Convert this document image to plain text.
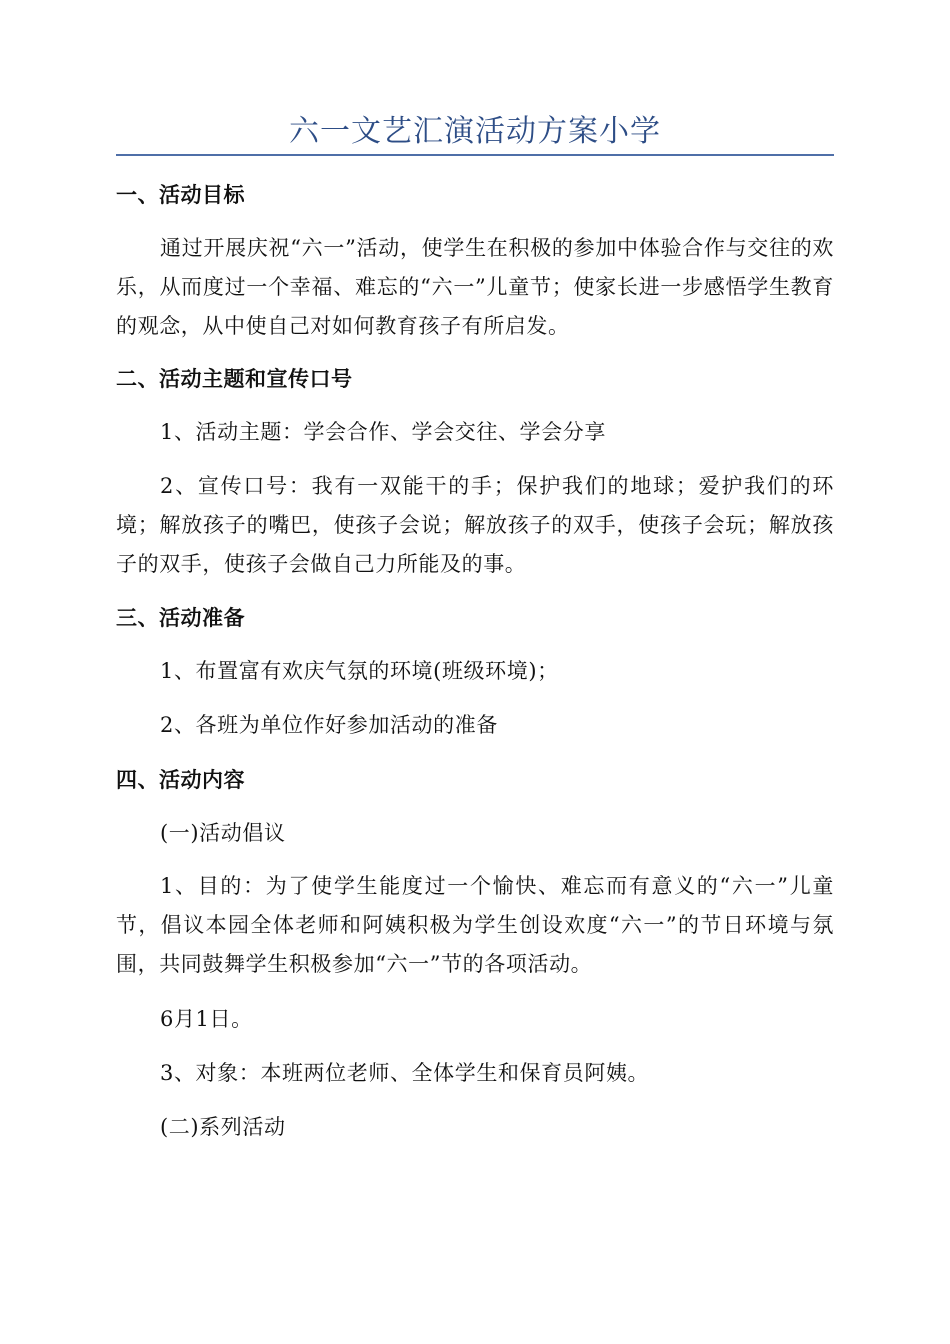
六一文艺汇演活动方案小学
一、活动目标
通过开展庆祝“六一”活动，使学生在积极的参加中体验合作与交往的欢乐，从而度过一个幸福、难忘的“六一”儿童节；使家长进一步感悟学生教育的观念，从中使自己对如何教育孩子有所启发。
二、活动主题和宣传口号
1、活动主题：学会合作、学会交往、学会分享
2、宣传口号：我有一双能干的手；保护我们的地球；爱护我们的环境；解放孩子的嘴巴，使孩子会说；解放孩子的双手，使孩子会玩；解放孩子的双手，使孩子会做自己力所能及的事。
三、活动准备
1、布置富有欢庆气氛的环境(班级环境)；
2、各班为单位作好参加活动的准备
四、活动内容
(一)活动倡议
1、目的：为了使学生能度过一个愉快、难忘而有意义的“六一”儿童节，倡议本园全体老师和阿姨积极为学生创设欢度“六一”的节日环境与氛围，共同鼓舞学生积极参加“六一”节的各项活动。
6月1日。
3、对象：本班两位老师、全体学生和保育员阿姨。
(二)系列活动
